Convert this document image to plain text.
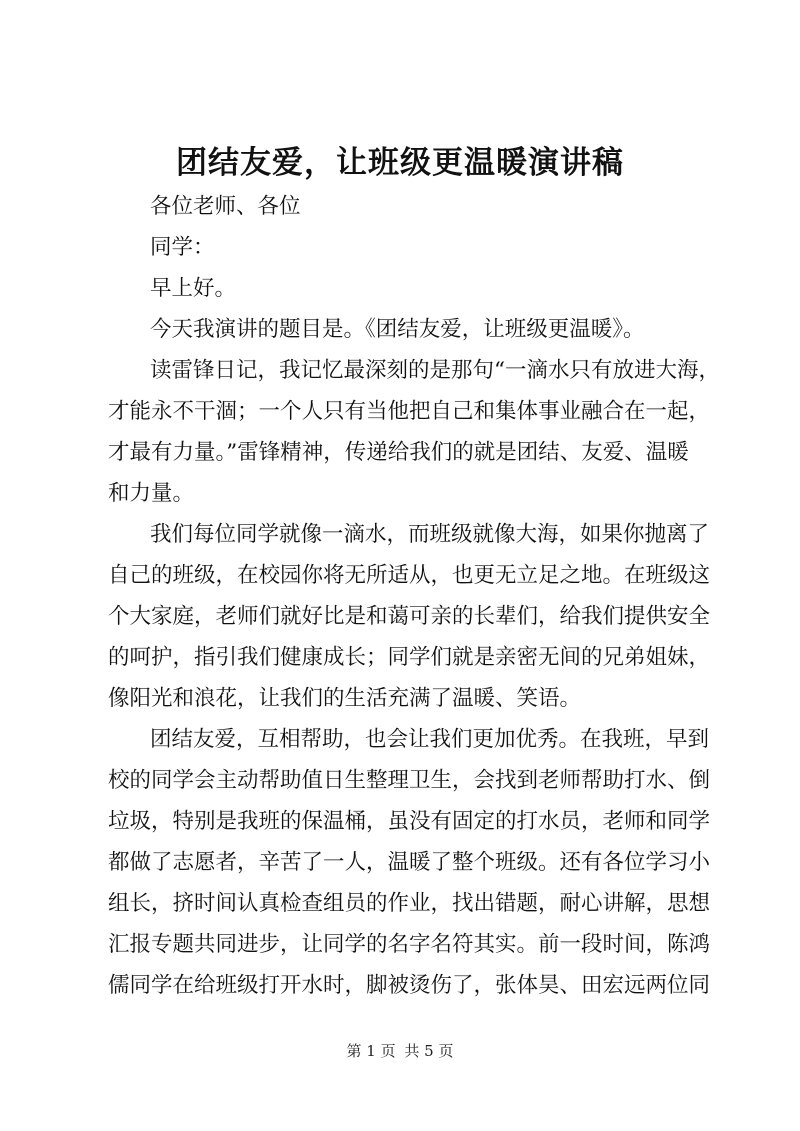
团结友爱，让班级更温暖演讲稿
各位老师、各位
同学：
早上好。
今天我演讲的题目是。《团结友爱，让班级更温暖》。
读雷锋日记，我记忆最深刻的是那句“一滴水只有放进大海，
才能永不干涸；一个人只有当他把自己和集体事业融合在一起，
才最有力量。”雷锋精神，传递给我们的就是团结、友爱、温暖
和力量。
我们每位同学就像一滴水，而班级就像大海，如果你抛离了
自己的班级，在校园你将无所适从，也更无立足之地。在班级这
个大家庭，老师们就好比是和蔼可亲的长辈们，给我们提供安全
的呵护，指引我们健康成长；同学们就是亲密无间的兄弟姐妹，
像阳光和浪花，让我们的生活充满了温暖、笑语。
团结友爱，互相帮助，也会让我们更加优秀。在我班，早到
校的同学会主动帮助值日生整理卫生，会找到老师帮助打水、倒
垃圾，特别是我班的保温桶，虽没有固定的打水员，老师和同学
都做了志愿者，辛苦了一人，温暖了整个班级。还有各位学习小
组长，挤时间认真检查组员的作业，找出错题，耐心讲解，思想
汇报专题共同进步，让同学的名字名符其实。前一段时间，陈鸿
儒同学在给班级打开水时，脚被烫伤了，张体昊、田宏远两位同
第 1 页 共 5 页
